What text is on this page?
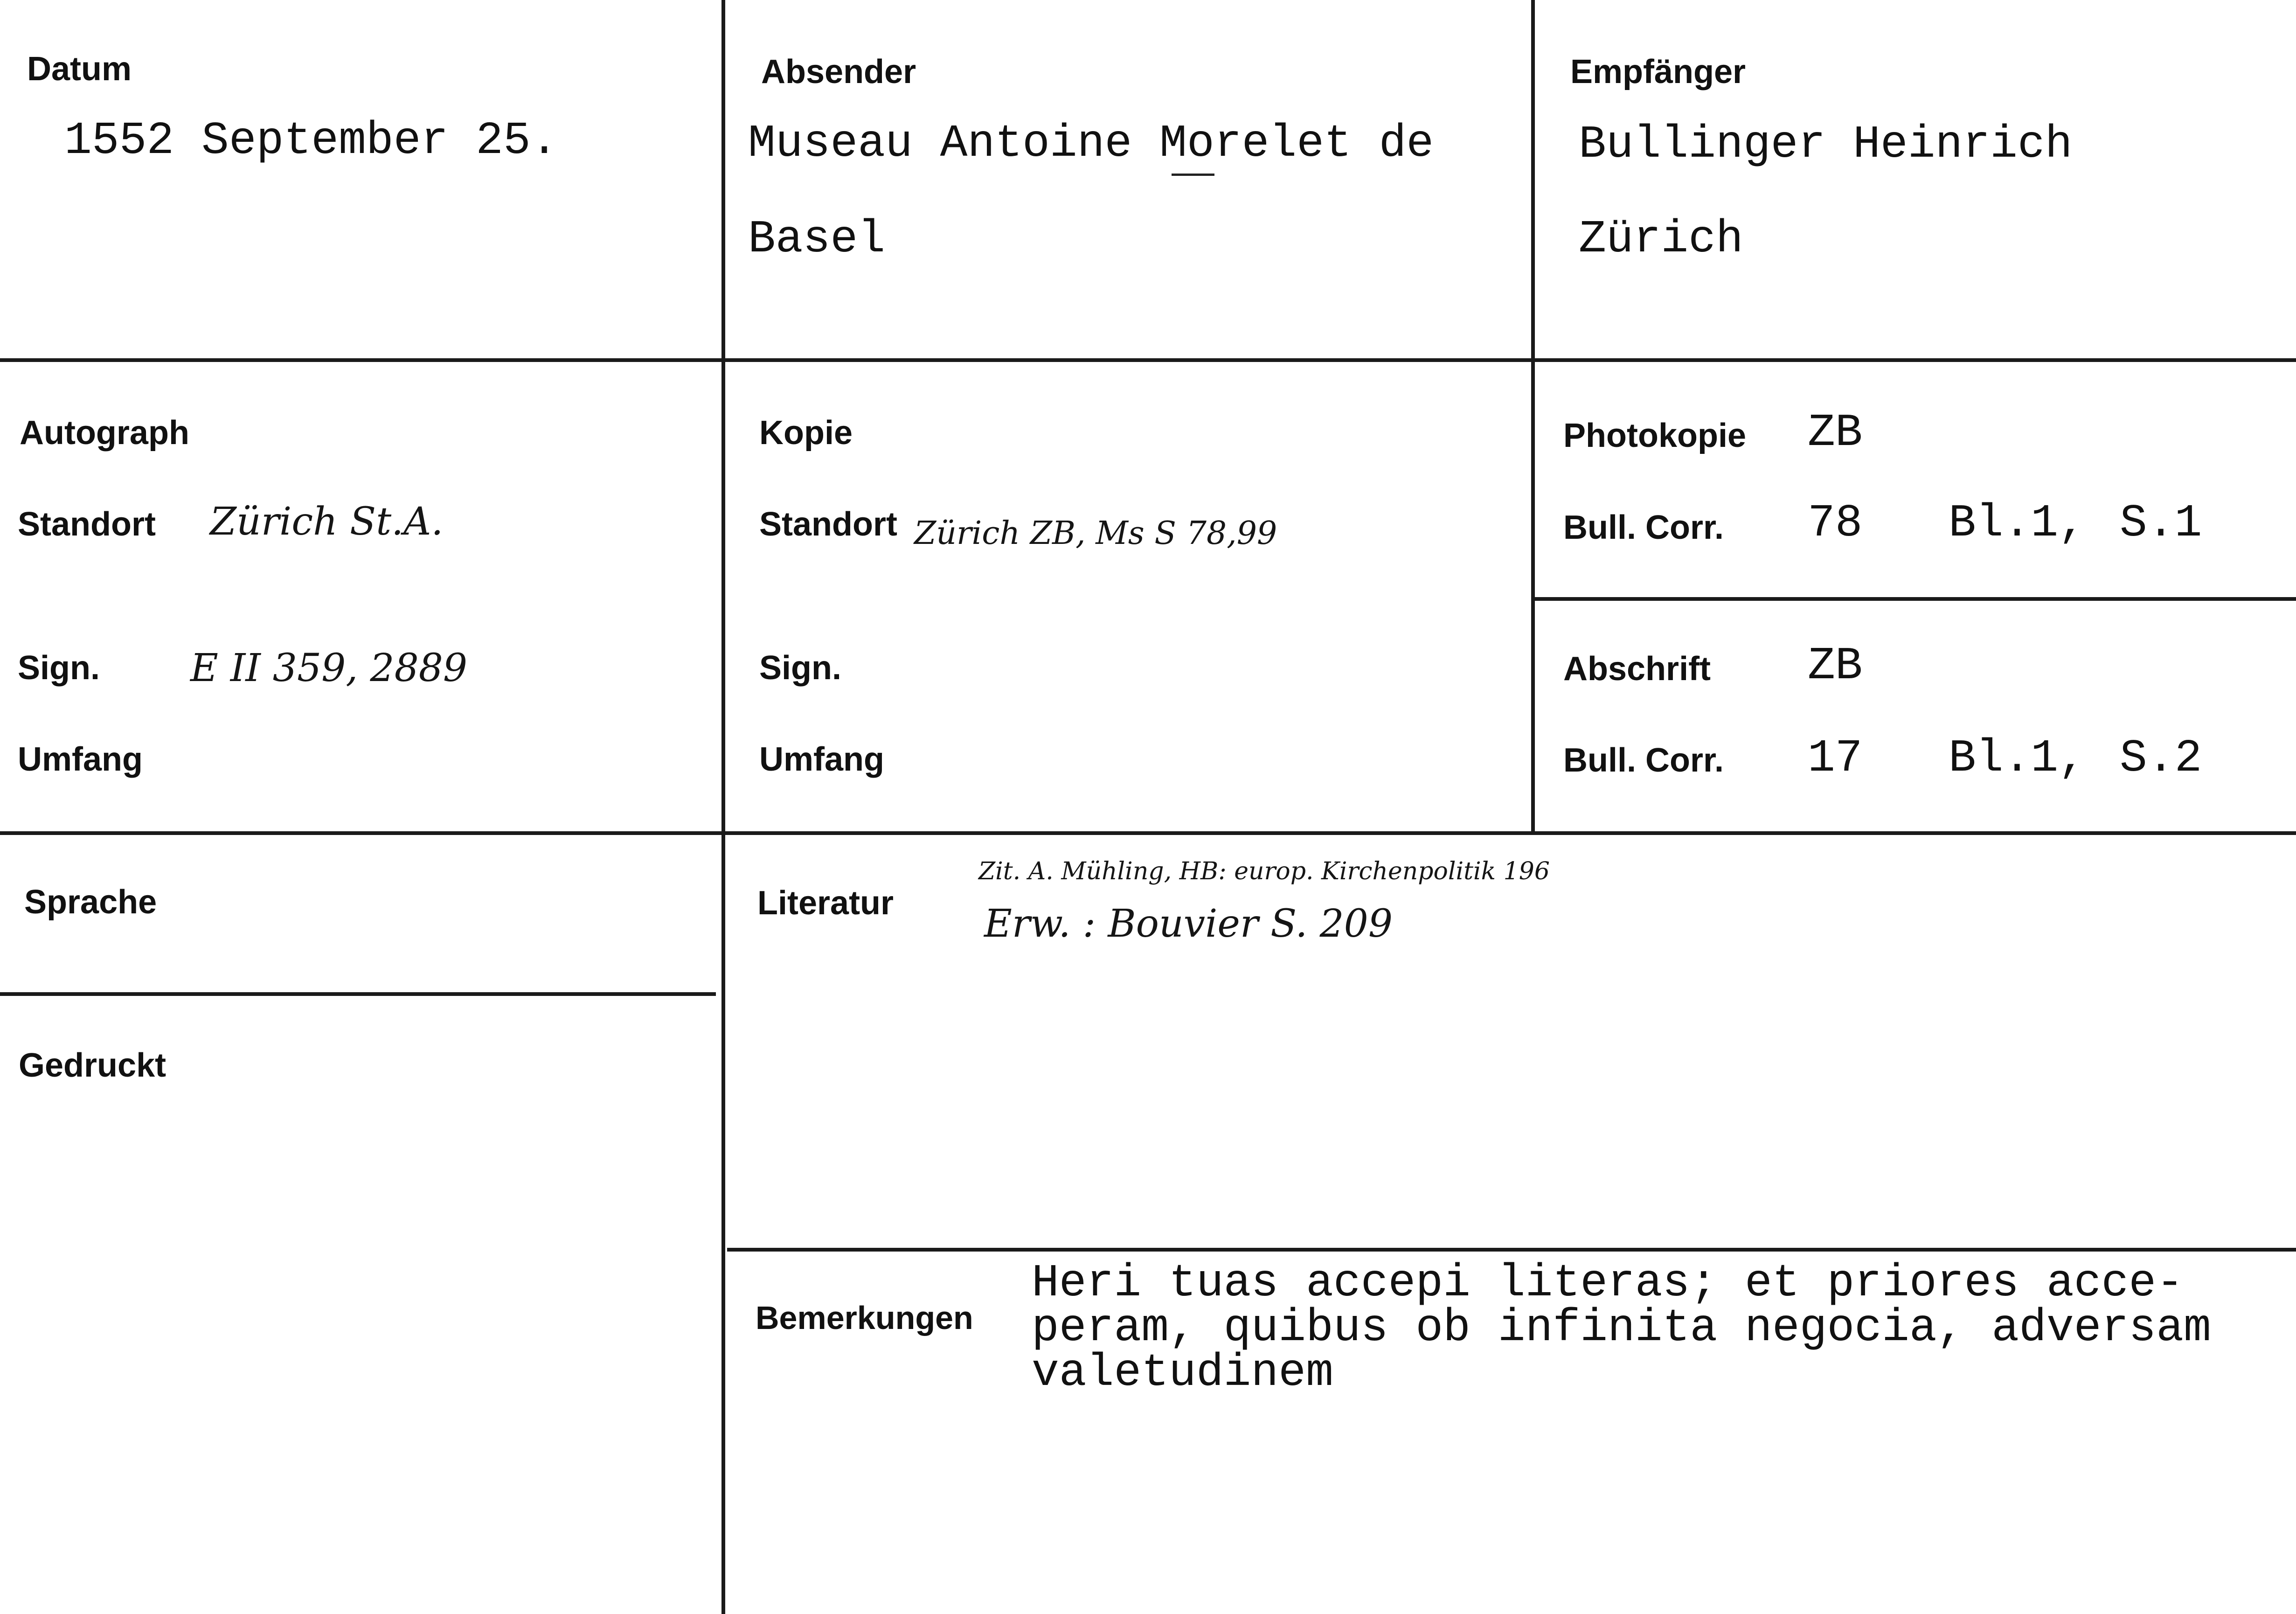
Datum
1552 September 25.
Absender
Museau Antoine Morelet de
Basel
Empfänger
Bullinger Heinrich
Zürich
Autograph
Standort Zürich St.A.
Sign. E II 359, 2889
Umfang
Kopie
Standort Zürich ZB, Ms S 78,99
Sign.
Umfang
Photokopie ZB
Bull. Corr. 78 Bl.1, S.1
Abschrift ZB
Bull. Corr. 17 Bl.1, S.2
Sprache
Gedruckt
Literatur
Zit. A. Mühling, HB: europ. Kirchenpolitik 196
Erw. : Bouvier S. 209
Bemerkungen
Heri tuas accepi literas; et priores acce-
peram, quibus ob infinita negocia, adversam
valetudinem
